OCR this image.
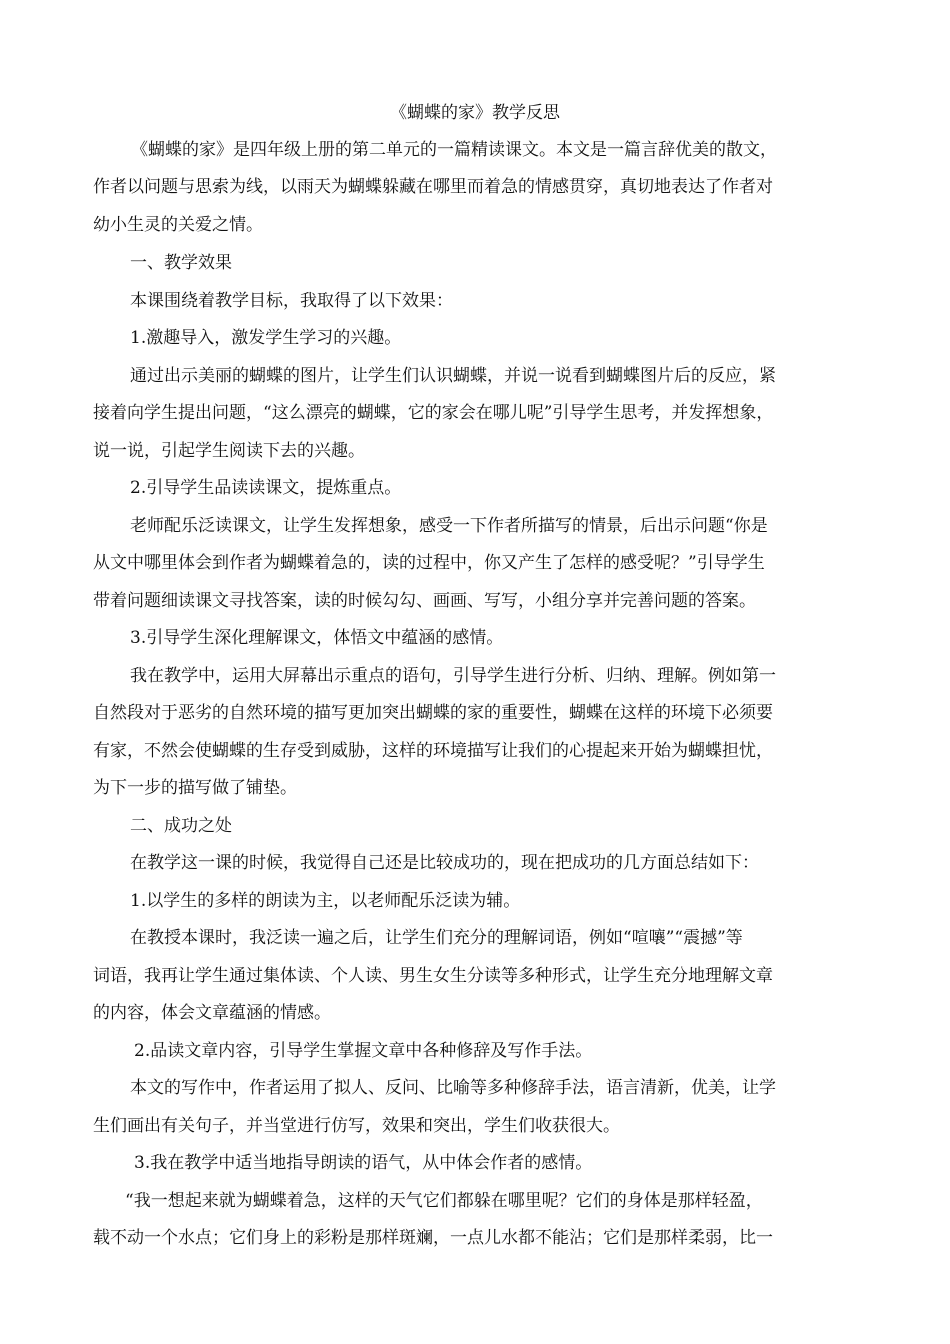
《蝴蝶的家》教学反思

《蝴蝶的家》是四年级上册的第二单元的一篇精读课文。本文是一篇言辞优美的散文，

作者以问题与思索为线，以雨天为蝴蝶躲藏在哪里而着急的情感贯穿，真切地表达了作者对

幼小生灵的关爱之情。

一、教学效果

本课围绕着教学目标，我取得了以下效果：

1.激趣导入，激发学生学习的兴趣。

通过出示美丽的蝴蝶的图片，让学生们认识蝴蝶，并说一说看到蝴蝶图片后的反应，紧

接着向学生提出问题，“这么漂亮的蝴蝶，它的家会在哪儿呢”引导学生思考，并发挥想象，

说一说，引起学生阅读下去的兴趣。

2.引导学生品读读课文，提炼重点。

老师配乐泛读课文，让学生发挥想象，感受一下作者所描写的情景，后出示问题“你是

从文中哪里体会到作者为蝴蝶着急的，读的过程中，你又产生了怎样的感受呢？”引导学生

带着问题细读课文寻找答案，读的时候勾勾、画画、写写，小组分享并完善问题的答案。

3.引导学生深化理解课文，体悟文中蕴涵的感情。

我在教学中，运用大屏幕出示重点的语句，引导学生进行分析、归纳、理解。例如第一

自然段对于恶劣的自然环境的描写更加突出蝴蝶的家的重要性，蝴蝶在这样的环境下必须要

有家，不然会使蝴蝶的生存受到威胁，这样的环境描写让我们的心提起来开始为蝴蝶担忧，

为下一步的描写做了铺垫。

二、成功之处

在教学这一课的时候，我觉得自己还是比较成功的，现在把成功的几方面总结如下：

1.以学生的多样的朗读为主，以老师配乐泛读为辅。

在教授本课时，我泛读一遍之后，让学生们充分的理解词语，例如“喧嚷”“震撼”等

词语，我再让学生通过集体读、个人读、男生女生分读等多种形式，让学生充分地理解文章

的内容，体会文章蕴涵的情感。

2.品读文章内容，引导学生掌握文章中各种修辞及写作手法。

本文的写作中，作者运用了拟人、反问、比喻等多种修辞手法，语言清新，优美，让学

生们画出有关句子，并当堂进行仿写，效果和突出，学生们收获很大。

3.我在教学中适当地指导朗读的语气，从中体会作者的感情。

“我一想起来就为蝴蝶着急，这样的天气它们都躲在哪里呢？它们的身体是那样轻盈，

载不动一个水点；它们身上的彩粉是那样斑斓，一点儿水都不能沾；它们是那样柔弱，比一
